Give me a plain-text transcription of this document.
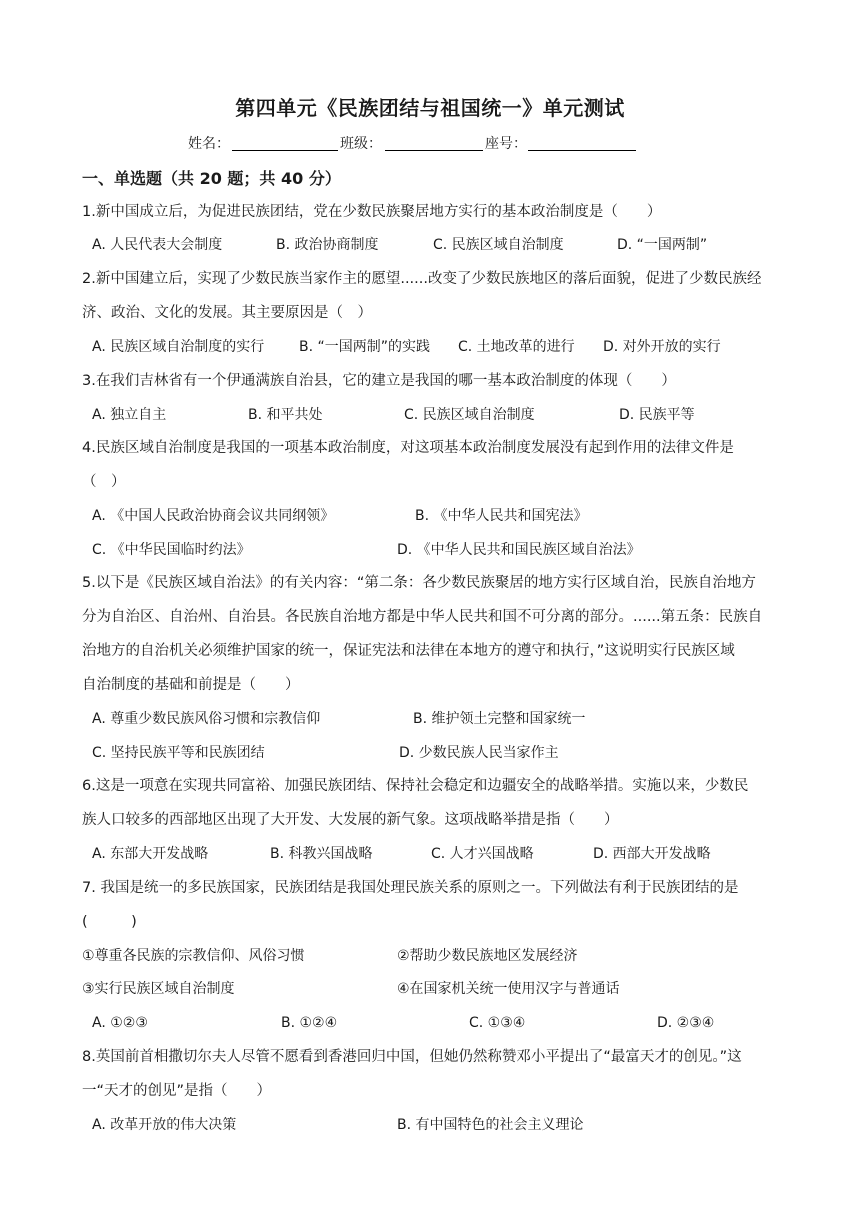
第四单元《民族团结与祖国统一》单元测试
姓名：	班级：	座号：
一、单选题（共 20 题；共 40 分）
1.新中国成立后，为促进民族团结，党在少数民族聚居地方实行的基本政治制度是（　　）
A. 人民代表大会制度	B. 政治协商制度	C. 民族区域自治制度	D. “一国两制”
2.新中国建立后，实现了少数民族当家作主的愿望......改变了少数民族地区的落后面貌，促进了少数民族经
济、政治、文化的发展。其主要原因是（　）
A. 民族区域自治制度的实行 B. “一国两制”的实践 C. 土地改革的进行 D. 对外开放的实行
3.在我们吉林省有一个伊通满族自治县，它的建立是我国的哪一基本政治制度的体现（　　）
A. 独立自主	B. 和平共处	C. 民族区域自治制度	D. 民族平等
4.民族区域自治制度是我国的一项基本政治制度，对这项基本政治制度发展没有起到作用的法律文件是
（　）
A. 《中国人民政治协商会议共同纲领》	B. 《中华人民共和国宪法》
C. 《中华民国临时约法》	D. 《中华人民共和国民族区域自治法》
5.以下是《民族区域自治法》的有关内容：“第二条：各少数民族聚居的地方实行区域自治，民族自治地方
分为自治区、自治州、自治县。各民族自治地方都是中华人民共和国不可分离的部分。......第五条：民族自
治地方的自治机关必须维护国家的统一，保证宪法和法律在本地方的遵守和执行，”这说明实行民族区域
自治制度的基础和前提是（　　）
A. 尊重少数民族风俗习惯和宗教信仰	B. 维护领土完整和国家统一
C. 坚持民族平等和民族团结	D. 少数民族人民当家作主
6.这是一项意在实现共同富裕、加强民族团结、保持社会稳定和边疆安全的战略举措。实施以来，少数民
族人口较多的西部地区出现了大开发、大发展的新气象。这项战略举措是指（　　）
A. 东部大开发战略	B. 科教兴国战略	C. 人才兴国战略	D. 西部大开发战略
7. 我国是统一的多民族国家，民族团结是我国处理民族关系的原则之一。下列做法有利于民族团结的是
(　　　)
①尊重各民族的宗教信仰、风俗习惯	②帮助少数民族地区发展经济
③实行民族区域自治制度	④在国家机关统一使用汉字与普通话
A. ①②③	B. ①②④	C. ①③④	D. ②③④
8.英国前首相撒切尔夫人尽管不愿看到香港回归中国，但她仍然称赞邓小平提出了“最富天才的创见。”这
一“天才的创见”是指（　　）
A. 改革开放的伟大决策	B. 有中国特色的社会主义理论
